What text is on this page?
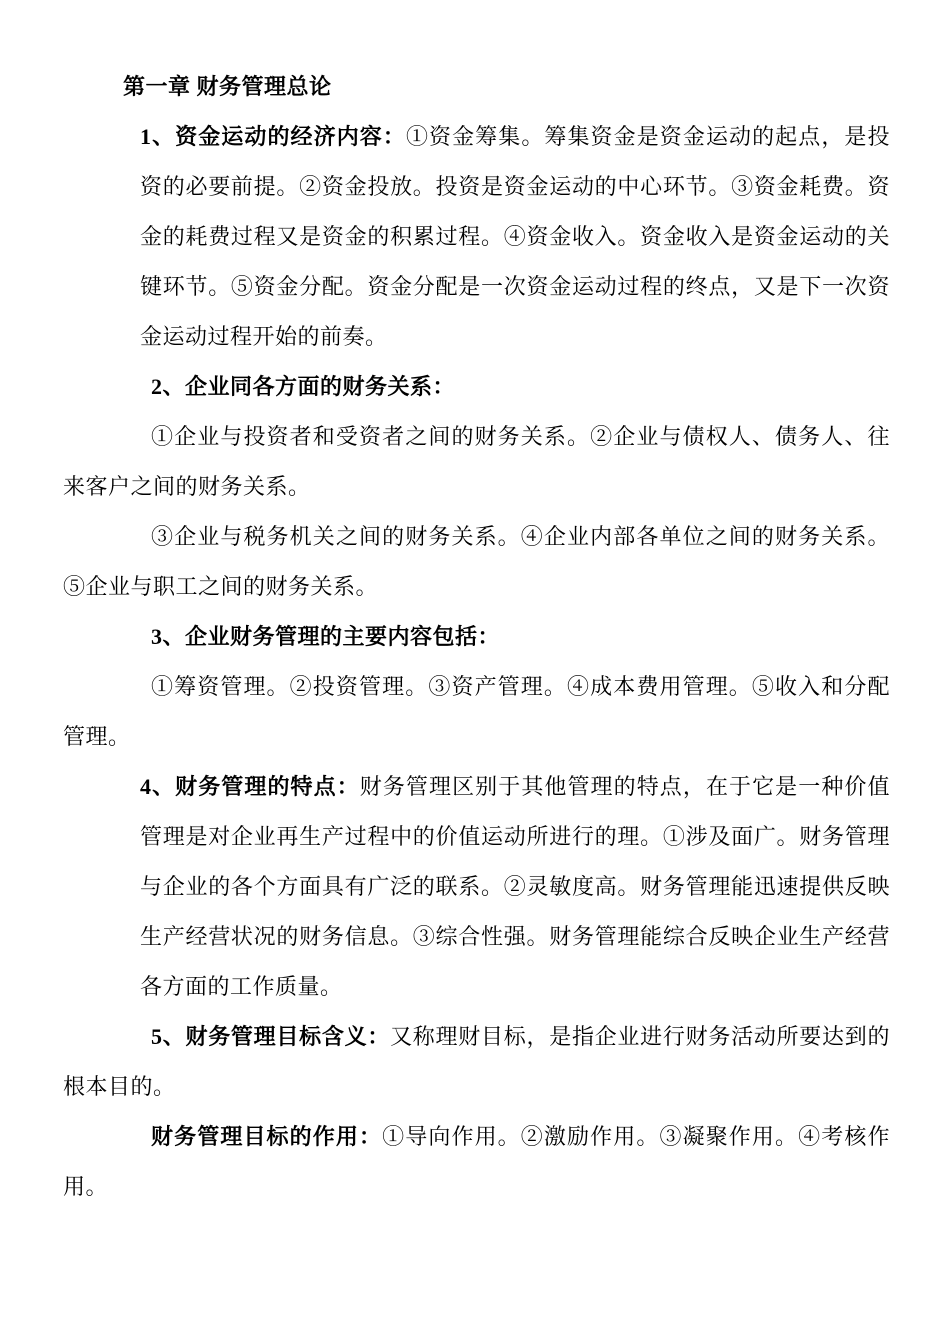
第一章 财务管理总论

1、资金运动的经济内容：①资金筹集。筹集资金是资金运动的起点，是投资的必要前提。②资金投放。投资是资金运动的中心环节。③资金耗费。资金的耗费过程又是资金的积累过程。④资金收入。资金收入是资金运动的关键环节。⑤资金分配。资金分配是一次资金运动过程的终点，又是下一次资金运动过程开始的前奏。

2、企业同各方面的财务关系：

①企业与投资者和受资者之间的财务关系。②企业与债权人、债务人、往来客户之间的财务关系。

③企业与税务机关之间的财务关系。④企业内部各单位之间的财务关系。⑤企业与职工之间的财务关系。

3、企业财务管理的主要内容包括：

①筹资管理。②投资管理。③资产管理。④成本费用管理。⑤收入和分配管理。

4、财务管理的特点：财务管理区别于其他管理的特点，在于它是一种价值管理是对企业再生产过程中的价值运动所进行的理。①涉及面广。财务管理与企业的各个方面具有广泛的联系。②灵敏度高。财务管理能迅速提供反映生产经营状况的财务信息。③综合性强。财务管理能综合反映企业生产经营各方面的工作质量。

5、财务管理目标含义：又称理财目标，是指企业进行财务活动所要达到的根本目的。

财务管理目标的作用：①导向作用。②激励作用。③凝聚作用。④考核作用。
